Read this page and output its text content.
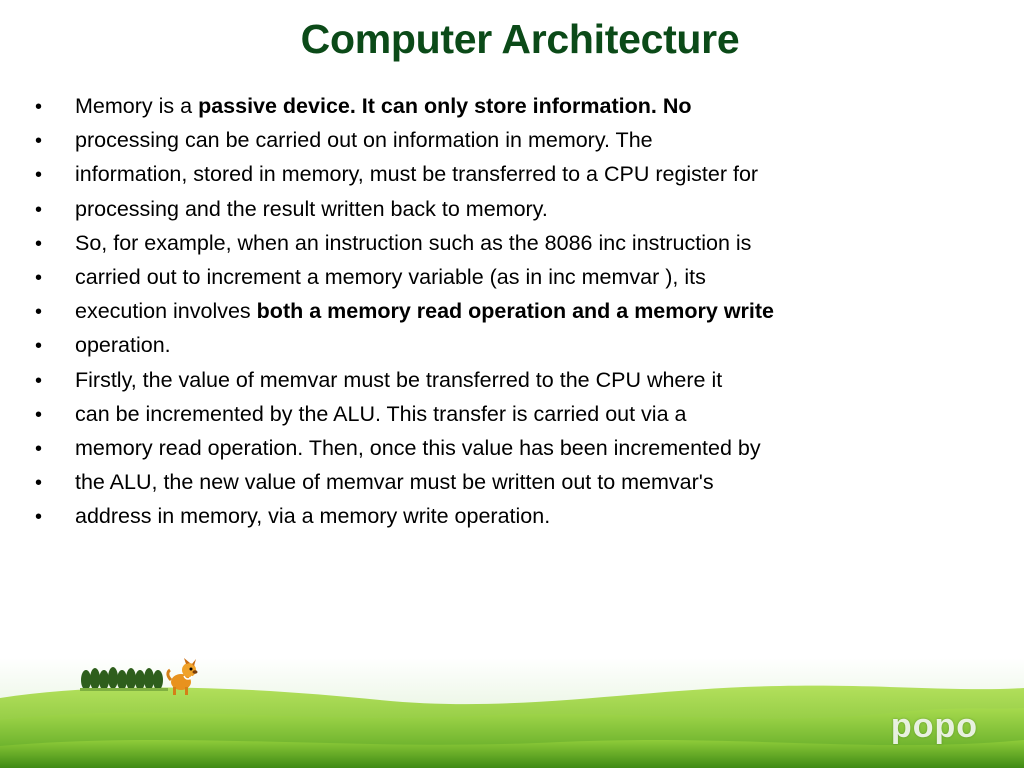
Computer Architecture
•	Memory is a passive device. It can only store information. No
•	processing can be carried out on information in memory. The
•	information, stored in memory, must be transferred to a CPU register for
•	processing and the result written back to memory.
•	So, for example, when an instruction such as the 8086 inc instruction is
•	carried out to increment a memory variable (as in inc memvar ), its
•	execution involves both a memory read operation and a memory write
•	operation.
•	Firstly, the value of memvar must be transferred to the CPU where it
•	can be incremented by the ALU. This transfer is carried out via a
•	memory read operation. Then, once this value has been incremented by
•	the ALU, the new value of memvar must be written out to memvar's
•	address in memory, via a memory write operation.
popo
